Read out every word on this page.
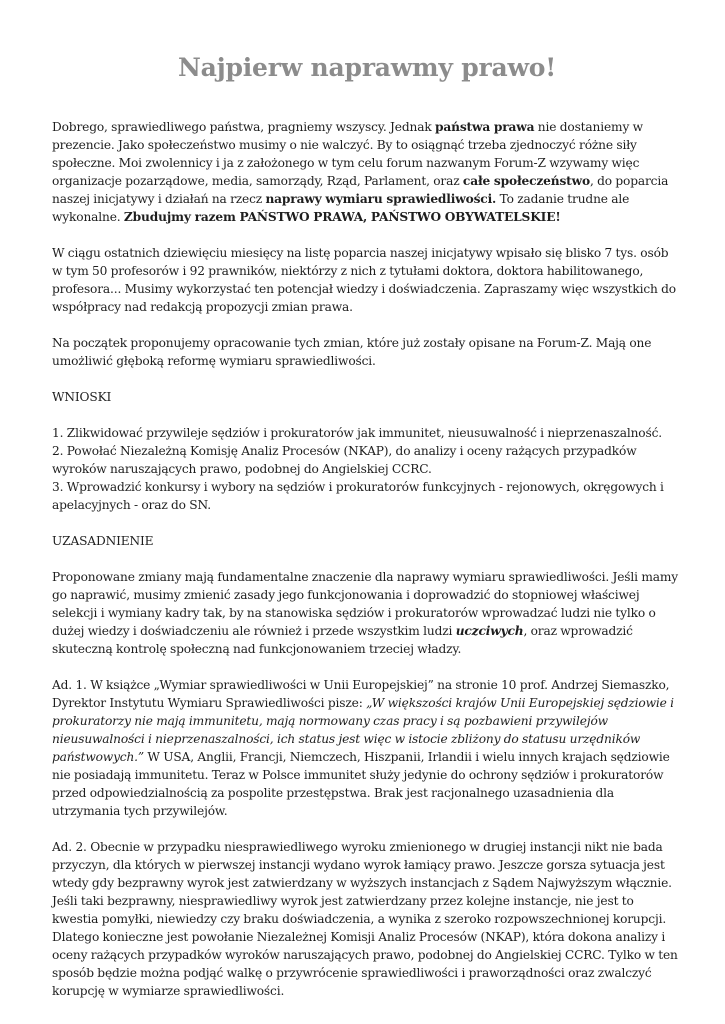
Najpierw naprawmy prawo!

Dobrego, sprawiedliwego państwa, pragniemy wszyscy. Jednak państwa prawa nie dostaniemy w prezencie. Jako społeczeństwo musimy o nie walczyć. By to osiągnąć trzeba zjednoczyć różne siły społeczne. Moi zwolennicy i ja z założonego w tym celu forum nazwanym Forum-Z wzywamy więc organizacje pozarządowe, media, samorządy, Rząd, Parlament, oraz całe społeczeństwo, do poparcia naszej inicjatywy i działań na rzecz naprawy wymiaru sprawiedliwości. To zadanie trudne ale wykonalne. Zbudujmy razem PAŃSTWO PRAWA, PAŃSTWO OBYWATELSKIE!

W ciągu ostatnich dziewięciu miesięcy na listę poparcia naszej inicjatywy wpisało się blisko 7 tys. osób w tym 50 profesorów i 92 prawników, niektórzy z nich z tytułami doktora, doktora habilitowanego, profesora... Musimy wykorzystać ten potencjał wiedzy i doświadczenia. Zapraszamy więc wszystkich do współpracy nad redakcją propozycji zmian prawa.

Na początek proponujemy opracowanie tych zmian, które już zostały opisane na Forum-Z. Mają one umożliwić głęboką reformę wymiaru sprawiedliwości.

WNIOSKI

1. Zlikwidować przywileje sędziów i prokuratorów jak immunitet, nieusuwalność i nieprzenaszalność.
2. Powołać Niezależną Komisję Analiz Procesów (NKAP), do analizy i oceny rażących przypadków wyroków naruszających prawo, podobnej do Angielskiej CCRC.
3. Wprowadzić konkursy i wybory na sędziów i prokuratorów funkcyjnych - rejonowych, okręgowych i apelacyjnych - oraz do SN.

UZASADNIENIE

Proponowane zmiany mają fundamentalne znaczenie dla naprawy wymiaru sprawiedliwości. Jeśli mamy go naprawić, musimy zmienić zasady jego funkcjonowania i doprowadzić do stopniowej właściwej selekcji i wymiany kadry tak, by na stanowiska sędziów i prokuratorów wprowadzać ludzi nie tylko o dużej wiedzy i doświadczeniu ale również i przede wszystkim ludzi uczciwych, oraz wprowadzić skuteczną kontrolę społeczną nad funkcjonowaniem trzeciej władzy.

Ad. 1. W książce „Wymiar sprawiedliwości w Unii Europejskiej” na stronie 10 prof. Andrzej Siemaszko, Dyrektor Instytutu Wymiaru Sprawiedliwości pisze: „W większości krajów Unii Europejskiej sędziowie i prokuratorzy nie mają immunitetu, mają normowany czas pracy i są pozbawieni przywilejów nieusuwalności i nieprzenaszalności, ich status jest więc w istocie zbliżony do statusu urzędników państwowych.” W USA, Anglii, Francji, Niemczech, Hiszpanii, Irlandii i wielu innych krajach sędziowie nie posiadają immunitetu. Teraz w Polsce immunitet służy jedynie do ochrony sędziów i prokuratorów przed odpowiedzialnością za pospolite przestępstwa. Brak jest racjonalnego uzasadnienia dla utrzymania tych przywilejów.

Ad. 2. Obecnie w przypadku niesprawiedliwego wyroku zmienionego w drugiej instancji nikt nie bada przyczyn, dla których w pierwszej instancji wydano wyrok łamiący prawo. Jeszcze gorsza sytuacja jest wtedy gdy bezprawny wyrok jest zatwierdzany w wyższych instancjach z Sądem Najwyższym włącznie. Jeśli taki bezprawny, niesprawiedliwy wyrok jest zatwierdzany przez kolejne instancje, nie jest to kwestia pomyłki, niewiedzy czy braku doświadczenia, a wynika z szeroko rozpowszechnionej korupcji. Dlatego konieczne jest powołanie Niezależnej Komisji Analiz Procesów (NKAP), która dokona analizy i oceny rażących przypadków wyroków naruszających prawo, podobnej do Angielskiej CCRC. Tylko w ten sposób będzie można podjąć walkę o przywrócenie sprawiedliwości i praworządności oraz zwalczyć korupcję w wymiarze sprawiedliwości.
